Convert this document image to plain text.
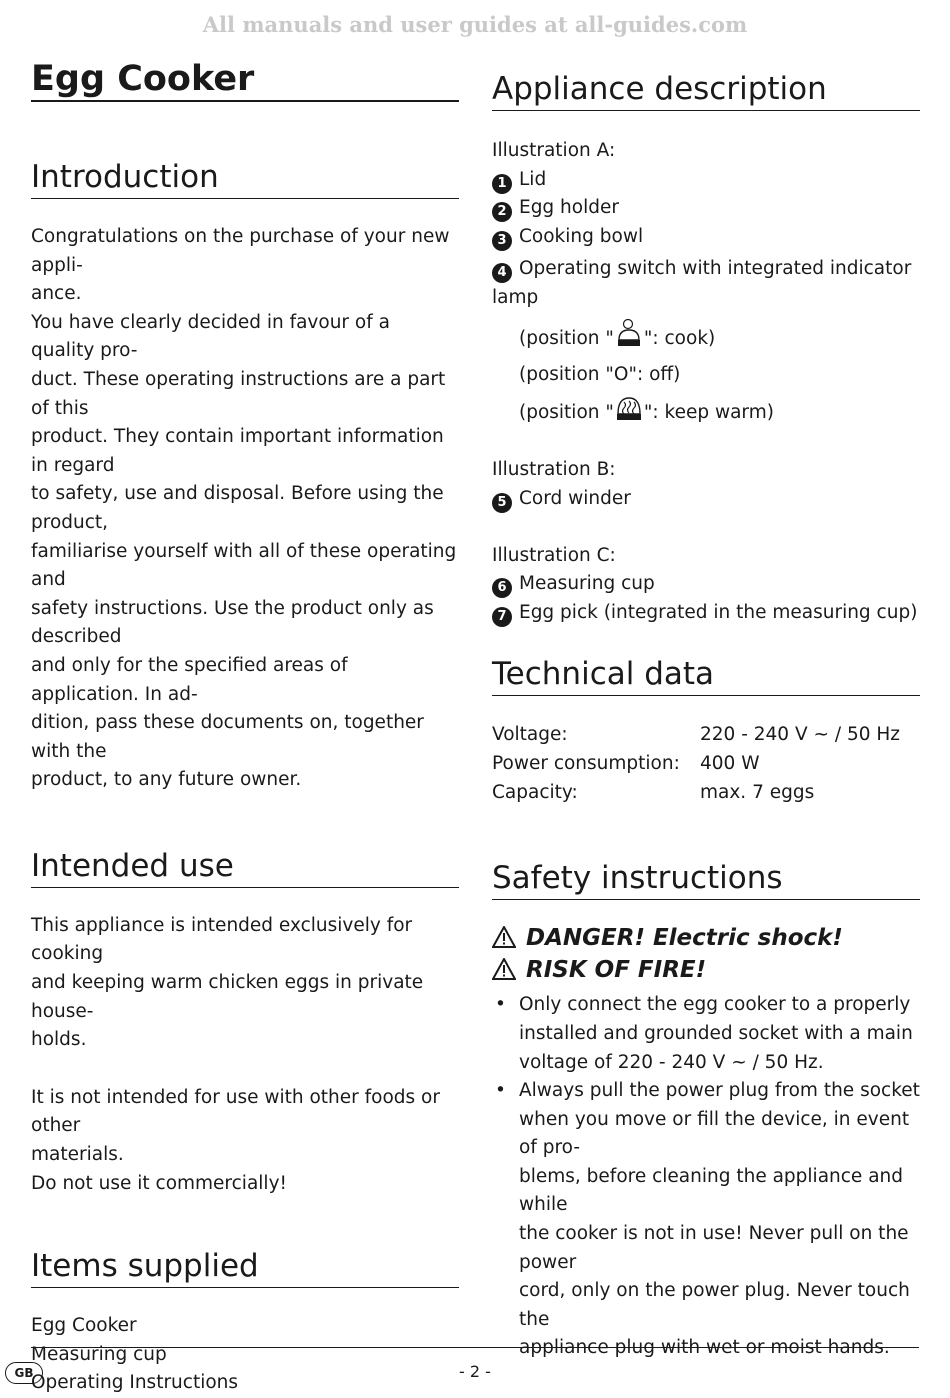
All manuals and user guides at all-guides.com
Egg Cooker
Introduction

Congratulations on the purchase of your new appli-

ance.

You have clearly decided in favour of a quality pro-

duct. These operating instructions are a part of this

product. They contain important information in regard

to safety, use and disposal. Before using the product,

familiarise yourself with all of these operating and

safety instructions. Use the product only as described

and only for the specified areas of application. In ad-

dition, pass these documents on, together with the

product, to any future owner.

Intended use

This appliance is intended exclusively for cooking

and keeping warm chicken eggs in private house-

holds.

It is not intended for use with other foods or other

materials.

Do not use it commercially!

Items supplied

Egg Cooker

Measuring cup

Operating Instructions

Appliance description

Illustration A:

1 Lid

2 Egg holder

3 Cooking bowl

4 Operating switch with integrated indicator lamp

(position " ": cook)

(position "O": off)

(position " ": keep warm)

Illustration B:

5 Cord winder

Illustration C:

6 Measuring cup

7 Egg pick (integrated in the measuring cup)

Technical data
Voltage:	220 - 240 V ~ / 50 Hz
Power consumption:	400 W
Capacity:	max. 7 eggs
Safety instructions
DANGER! Electric shock!
RISK OF FIRE!
• Only connect the egg cooker to a properly
installed and grounded socket with a main
voltage of 220 - 240 V ~ / 50 Hz.
• Always pull the power plug from the socket
when you move or fill the device, in event of pro-
blems, before cleaning the appliance and while
the cooker is not in use! Never pull on the power
cord, only on the power plug. Never touch the
appliance plug with wet or moist hands.
GB	- 2 -
